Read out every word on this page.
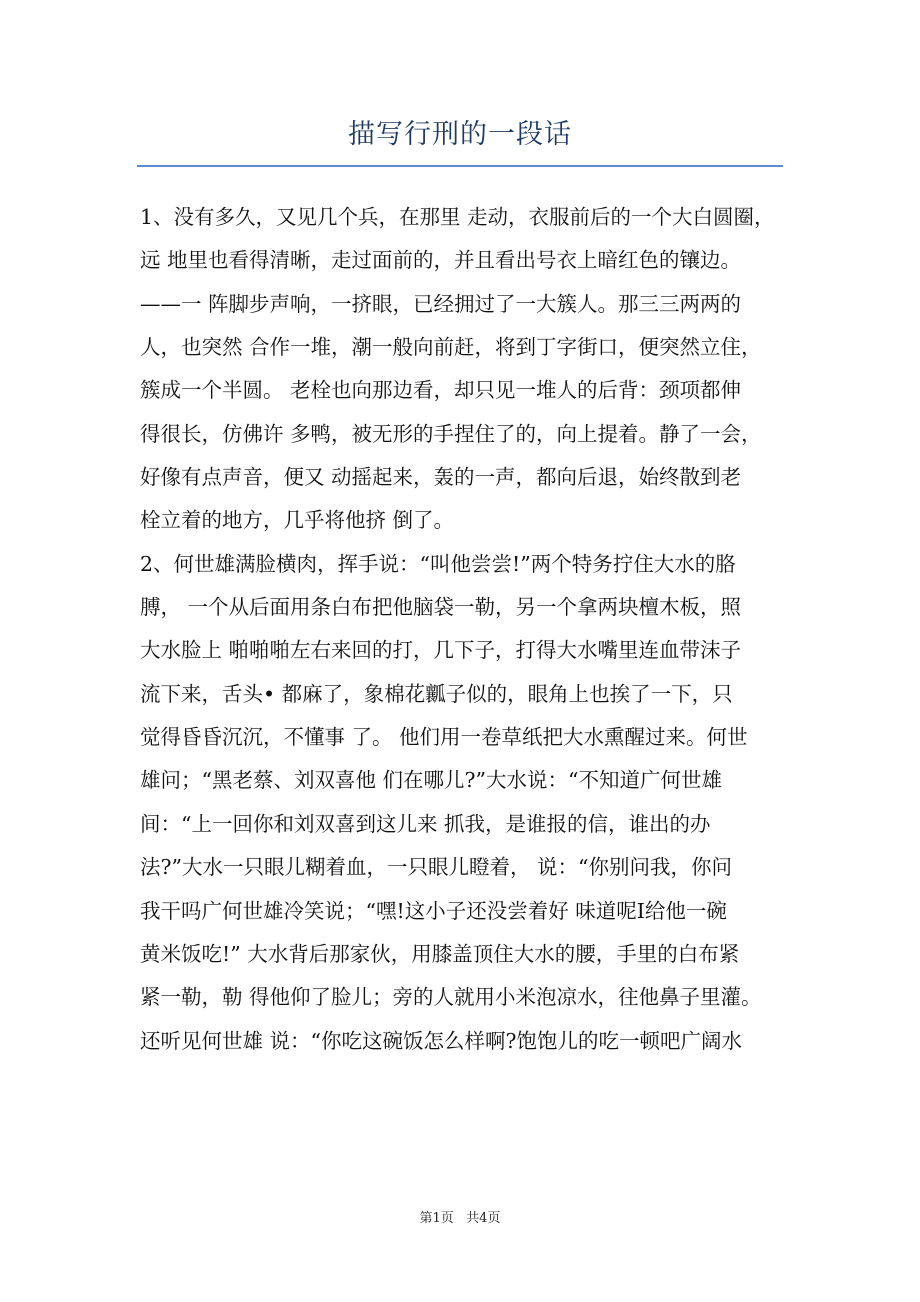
描写行刑的一段话
1、没有多久，又见几个兵，在那里 走动，衣服前后的一个大白圆圈，
远 地里也看得清晰，走过面前的，并且看出号衣上暗红色的镶边。
——一 阵脚步声响，一挤眼，已经拥过了一大簇人。那三三两两的
人，也突然 合作一堆，潮一般向前赶，将到丁字街口，便突然立住，
簇成一个半圆。 老栓也向那边看，却只见一堆人的后背：颈项都伸
得很长，仿佛许 多鸭，被无形的手捏住了的，向上提着。静了一会，
好像有点声音，便又 动摇起来，轰的一声，都向后退，始终散到老
栓立着的地方，几乎将他挤 倒了。
2、何世雄满脸横肉，挥手说：“叫他尝尝!”两个特务拧住大水的胳
膊， 一个从后面用条白布把他脑袋一勒，另一个拿两块檀木板，照
大水脸上 啪啪啪左右来回的打，几下子，打得大水嘴里连血带沫子
流下来，舌头• 都麻了，象棉花瓤子似的，眼角上也挨了一下，只
觉得昏昏沉沉，不懂事 了。 他们用一卷草纸把大水熏醒过来。何世
雄问；“黑老蔡、刘双喜他 们在哪儿?”大水说：“不知道广何世雄
间：“上一回你和刘双喜到这儿来 抓我，是谁报的信，谁出的办
法?”大水一只眼儿糊着血，一只眼儿瞪着， 说：“你别问我，你问
我干吗广何世雄冷笑说；“嘿!这小子还没尝着好 味道呢I给他一碗
黄米饭吃!” 大水背后那家伙，用膝盖顶住大水的腰，手里的白布紧
紧一勒，勒 得他仰了脸儿；旁的人就用小米泡凉水，往他鼻子里灌。
还听见何世雄 说：“你吃这碗饭怎么样啊?饱饱儿的吃一顿吧广阔水
第1页   共4页
